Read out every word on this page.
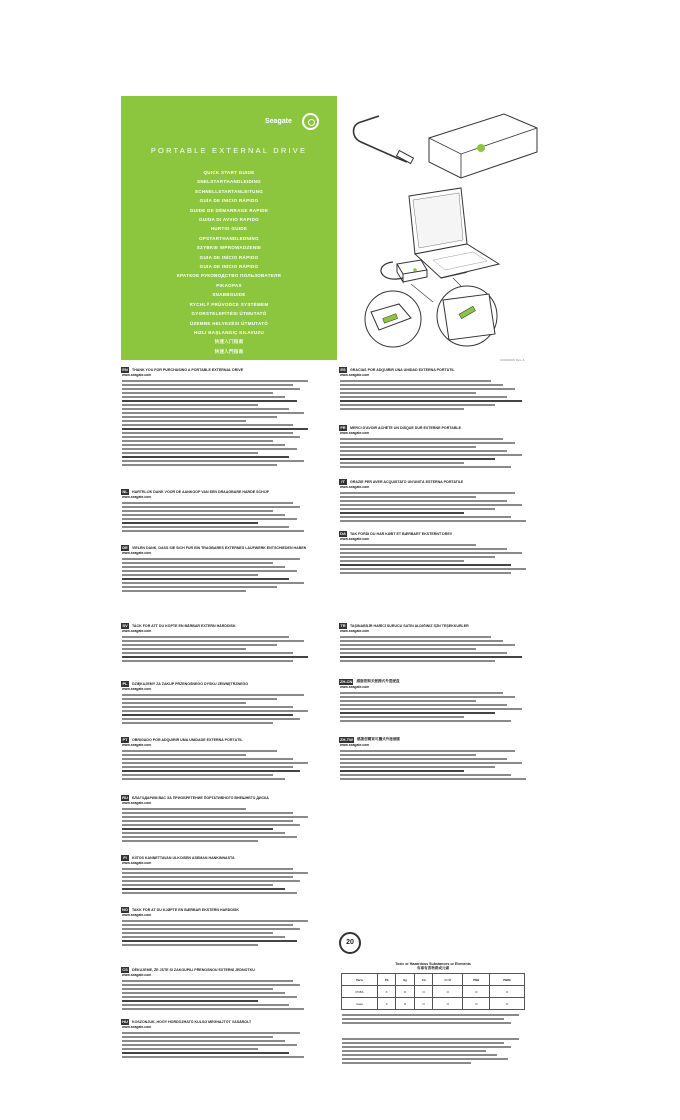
Seagate
PORTABLE EXTERNAL DRIVE
QUICK START GUIDE
SNELSTARTHANDLEIDING
SCHNELLSTARTANLEITUNG
GUÍA DE INICIO RÁPIDO
GUIDE DE DÉMARRAGE RAPIDE
GUIDA DI AVVIO RAPIDO
HURTIG GUIDE
OPSTARTHANDLEDNING
SZYBKIE WPROWADZENIE
GUIA DE INÍCIO RÁPIDO
GUIA DE INÍCIO RÁPIDO
КРАТКОЕ РУКОВОДСТВО ПОЛЬЗОВАТЕЛЯ
PIKAOPAS
SNABBGUIDE
RYCHLÝ PRŮVODCE SYSTÉMEM
GYORSTELEPÍTÉSI ÚTMUTATÓ
ÜZEMBE HELYEZÉSI ÚTMUTATÓ
HIZLI BAŞLANGIÇ KILAVUZU
快速入门指南
快速入門指南
100000000 Rev. A
EN	THANK YOU FOR PURCHASING A PORTABLE EXTERNAL DRIVE
www.seagate.com
NL	HARTELIJK DANK VOOR DE AANKOOP VAN EEN DRAAGBARE HARDE SCHIJF
www.seagate.com
DE	VIELEN DANK, DASS SIE SICH FÜR EIN TRAGBARES EXTERNES LAUFWERK ENTSCHIEDEN HABEN
www.seagate.com
ES	GRACIAS POR ADQUIRIR UNA UNIDAD EXTERNA PORTÁTIL
www.seagate.com
FR	MERCI D'AVOIR ACHETÉ UN DISQUE DUR EXTERNE PORTABLE
www.seagate.com
IT	GRAZIE PER AVER ACQUISTATO UN'UNITÀ ESTERNA PORTATILE
www.seagate.com
DA	TAK FORDI DU HAR KØBT ET BÆRBART EKSTERNT DREV
www.seagate.com
SV	TACK FÖR ATT DU KÖPTE EN BÄRBAR EXTERN HÅRDDISK
www.seagate.com
PL	DZIĘKUJEMY ZA ZAKUP PRZENOŚNEGO DYSKU ZEWNĘTRZNEGO
www.seagate.com
PT	OBRIGADO POR ADQUIRIR UMA UNIDADE EXTERNA PORTÁTIL
www.seagate.com
RU	БЛАГОДАРИМ ВАС ЗА ПРИОБРЕТЕНИЕ ПОРТАТИВНОГО ВНЕШНЕГО ДИСКА
www.seagate.com
FI	KIITOS KANNETTAVAN ULKOISEN ASEMAN HANKINNASTA
www.seagate.com
NO TAKK FOR AT DU KJØPTE EN BÆRBAR EKSTERN HARDDISK
www.seagate.com
CS	DĚKUJEME, ŽE JSTE SI ZAKOUPILI PŘENOSNOU EXTERNÍ JEDNOTKU
www.seagate.com
HU	KÖSZÖNJÜK, HOGY HORDOZHATÓ KÜLSŐ MEGHAJTÓT VÁSÁROLT
www.seagate.com
TR	TAŞINABİLİR HARİCİ SÜRÜCÜ SATIN ALDIĞINIZ İÇİN TEŞEKKÜRLER
www.seagate.com
ZH-CN 感谢您购买便携式外置硬盘
www.seagate.com
ZH-TW 感謝您購買可攜式外接硬碟
www.seagate.com
20
Toxic or Hazardous Substances or Elements
有毒有害物质或元素
Parts	Pb	Hg	Cd	Cr VI	PBB	PBDE
PCBA	X	O	O	O	O	O
Case	X	O	O	O	O	O
